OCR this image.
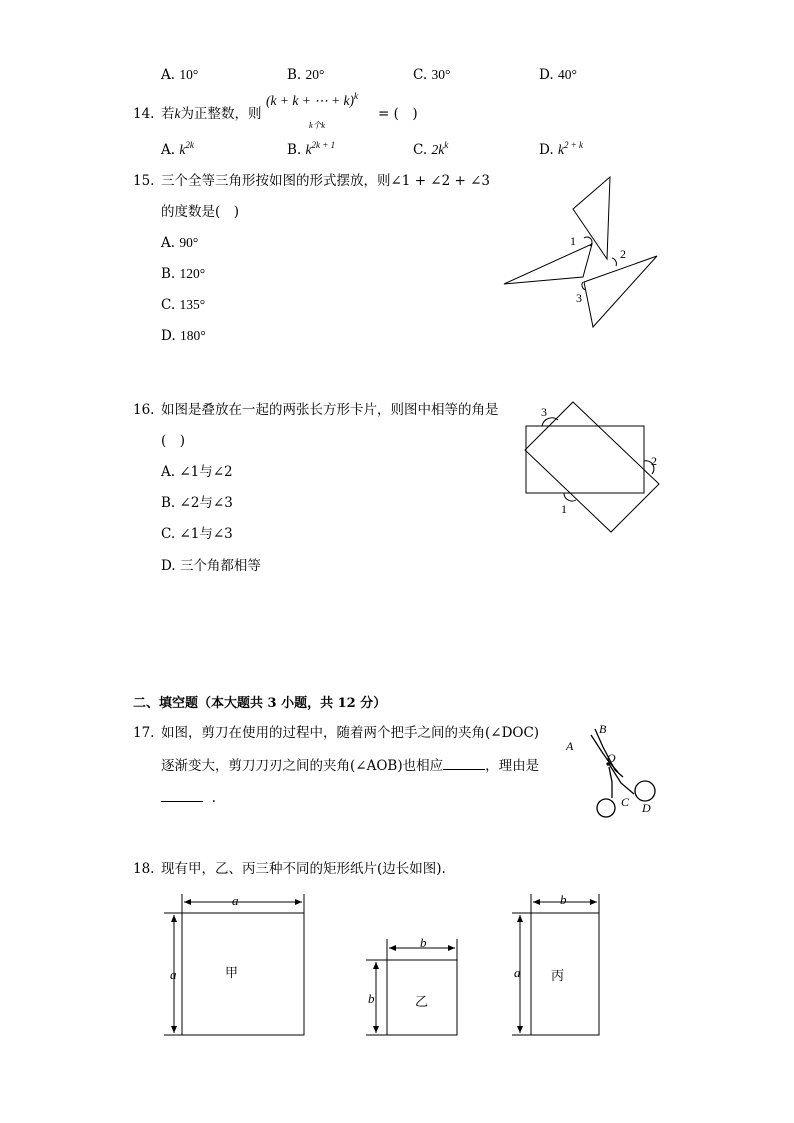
A. 10°	B. 20°	C. 30°	D. 40°
14. 若k为正整数，则
(k + k + ⋯ + k)$^k$
k个k
= (　)
A. $k^{2k}$	B. $k^{2k + 1}$	C. $2k^k$	D. $k^{2 + k}$
15. 三个全等三角形按如图的形式摆放，则∠1 + ∠2 + ∠3
的度数是(　)
A. 90°
B. 120°
C. 135°
D. 180°
1
2
3
16. 如图是叠放在一起的两张长方形卡片，则图中相等的角是
(　)
A. ∠1与∠2
B. ∠2与∠3
C. ∠1与∠3
D. 三个角都相等
3
2
1
二、填空题（本大题共 3 小题，共 12 分）
17. 如图，剪刀在使用的过程中，随着两个把手之间的夹角(∠DOC)
逐渐变大，剪刀刀刃之间的夹角(∠AOB)也相应	，理由是
.
B
A
O
C D
18. 现有甲，乙、丙三种不同的矩形纸片(边长如图).
a
a	甲
b
b	乙
b
a 丙
